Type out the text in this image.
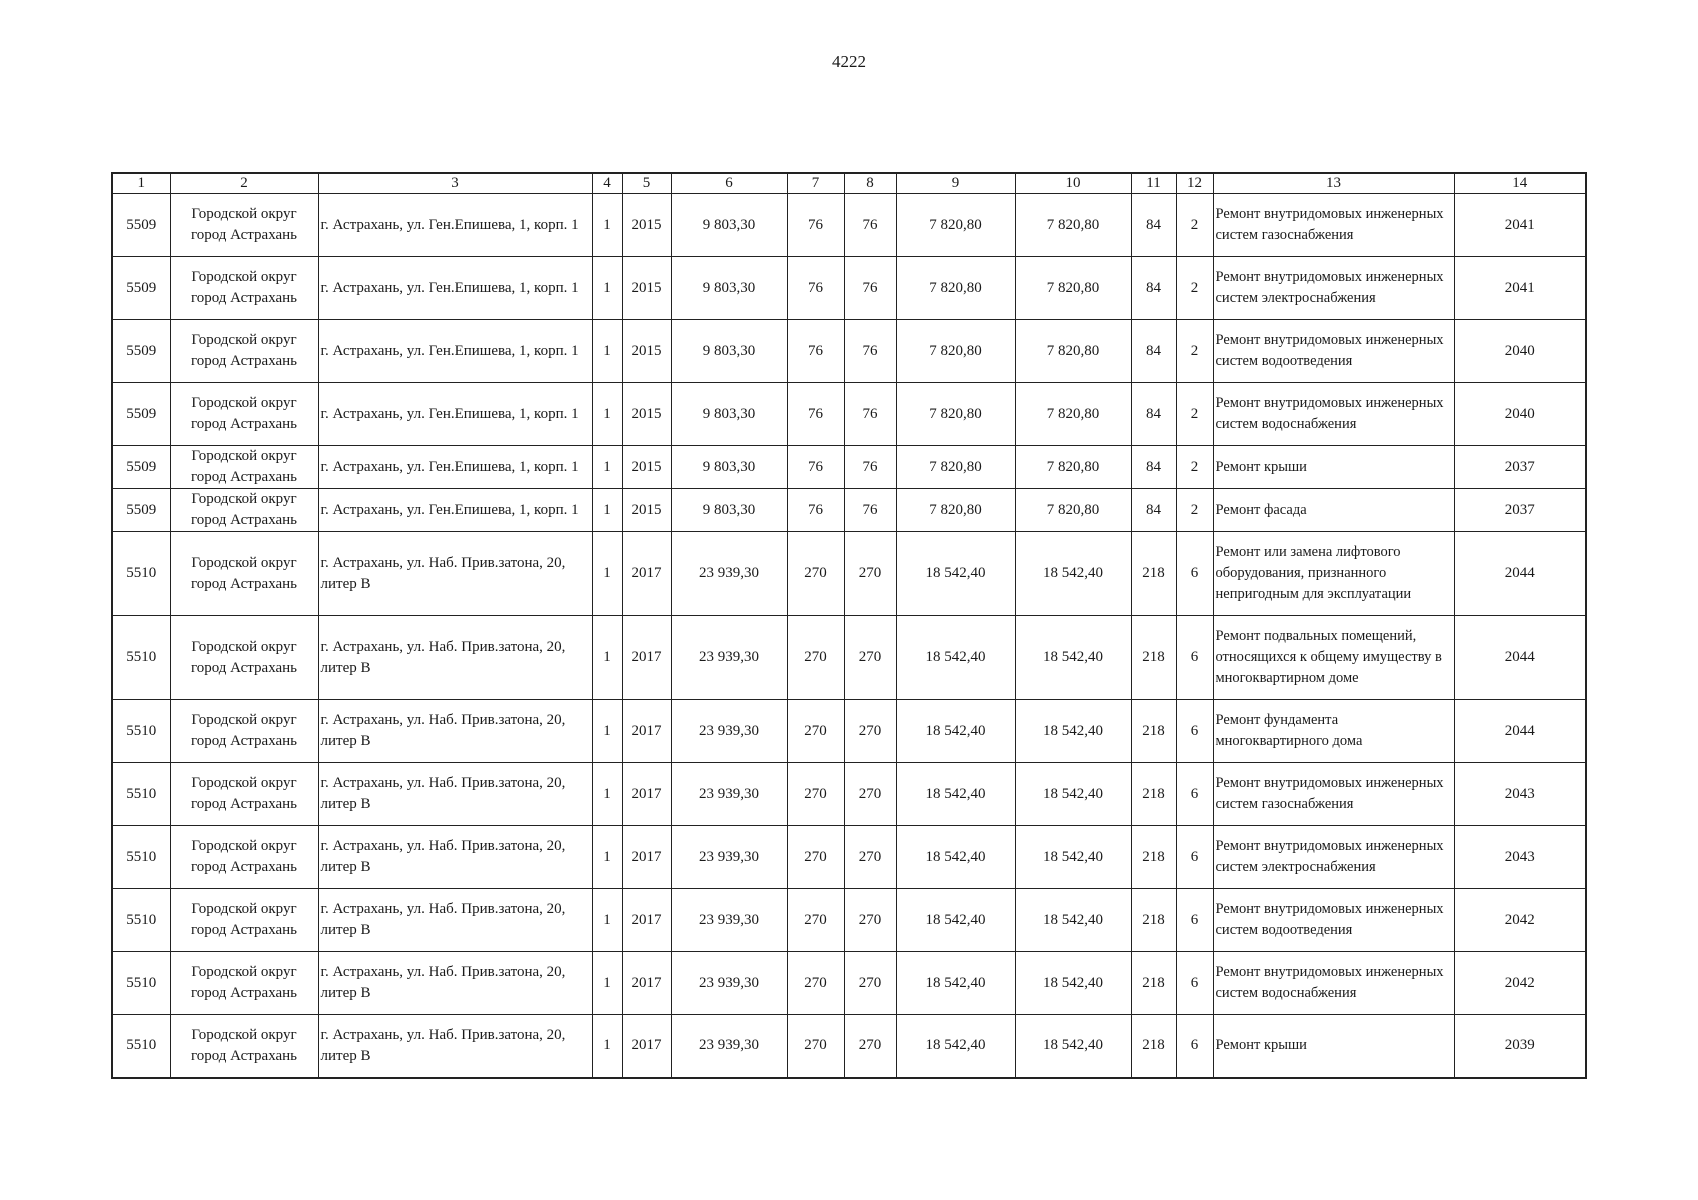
4222
1	2	3	4	5	6	7	8	9	10	11	12	13	14
5509	Городской округ город Астрахань	г. Астрахань, ул. Ген.Епишева, 1, корп. 1	1	2015	9 803,30	76	76	7 820,80	7 820,80	84	2	Ремонт внутридомовых инженерных систем газоснабжения	2041
5509	Городской округ город Астрахань	г. Астрахань, ул. Ген.Епишева, 1, корп. 1	1	2015	9 803,30	76	76	7 820,80	7 820,80	84	2	Ремонт внутридомовых инженерных систем электроснабжения	2041
5509	Городской округ город Астрахань	г. Астрахань, ул. Ген.Епишева, 1, корп. 1	1	2015	9 803,30	76	76	7 820,80	7 820,80	84	2	Ремонт внутридомовых инженерных систем водоотведения	2040
5509	Городской округ город Астрахань	г. Астрахань, ул. Ген.Епишева, 1, корп. 1	1	2015	9 803,30	76	76	7 820,80	7 820,80	84	2	Ремонт внутридомовых инженерных систем водоснабжения	2040
5509	Городской округ город Астрахань	г. Астрахань, ул. Ген.Епишева, 1, корп. 1	1	2015	9 803,30	76	76	7 820,80	7 820,80	84	2	Ремонт крыши	2037
5509	Городской округ город Астрахань	г. Астрахань, ул. Ген.Епишева, 1, корп. 1	1	2015	9 803,30	76	76	7 820,80	7 820,80	84	2	Ремонт фасада	2037
5510	Городской округ город Астрахань	г. Астрахань, ул. Наб. Прив.затона, 20, литер В	1	2017	23 939,30	270	270	18 542,40	18 542,40	218	6	Ремонт или замена лифтового оборудования, признанного непригодным для эксплуатации	2044
5510	Городской округ город Астрахань	г. Астрахань, ул. Наб. Прив.затона, 20, литер В	1	2017	23 939,30	270	270	18 542,40	18 542,40	218	6	Ремонт подвальных помещений, относящихся к общему имуществу в многоквартирном доме	2044
5510	Городской округ город Астрахань	г. Астрахань, ул. Наб. Прив.затона, 20, литер В	1	2017	23 939,30	270	270	18 542,40	18 542,40	218	6	Ремонт фундамента многоквартирного дома	2044
5510	Городской округ город Астрахань	г. Астрахань, ул. Наб. Прив.затона, 20, литер В	1	2017	23 939,30	270	270	18 542,40	18 542,40	218	6	Ремонт внутридомовых инженерных систем газоснабжения	2043
5510	Городской округ город Астрахань	г. Астрахань, ул. Наб. Прив.затона, 20, литер В	1	2017	23 939,30	270	270	18 542,40	18 542,40	218	6	Ремонт внутридомовых инженерных систем электроснабжения	2043
5510	Городской округ город Астрахань	г. Астрахань, ул. Наб. Прив.затона, 20, литер В	1	2017	23 939,30	270	270	18 542,40	18 542,40	218	6	Ремонт внутридомовых инженерных систем водоотведения	2042
5510	Городской округ город Астрахань	г. Астрахань, ул. Наб. Прив.затона, 20, литер В	1	2017	23 939,30	270	270	18 542,40	18 542,40	218	6	Ремонт внутридомовых инженерных систем водоснабжения	2042
5510	Городской округ город Астрахань	г. Астрахань, ул. Наб. Прив.затона, 20, литер В	1	2017	23 939,30	270	270	18 542,40	18 542,40	218	6	Ремонт крыши	2039
